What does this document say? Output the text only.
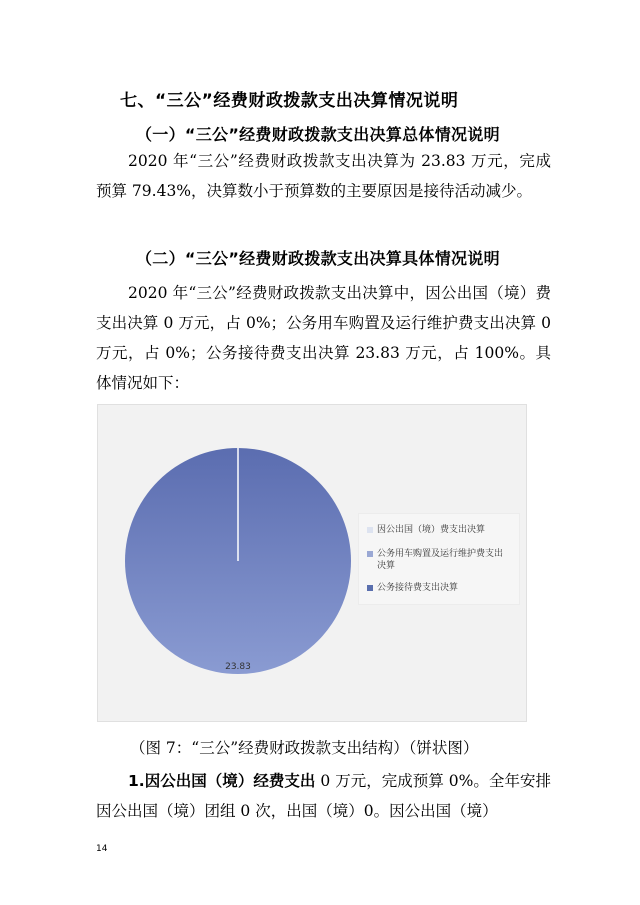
七、“三公”经费财政拨款支出决算情况说明
（一）“三公”经费财政拨款支出决算总体情况说明
2020 年“三公”经费财政拨款支出决算为 23.83 万元，完成预算 79.43%，决算数小于预算数的主要原因是接待活动减少。
（二）“三公”经费财政拨款支出决算具体情况说明
2020 年“三公”经费财政拨款支出决算中，因公出国（境）费支出决算 0 万元，占 0%；公务用车购置及运行维护费支出决算 0 万元，占 0%；公务接待费支出决算 23.83 万元，占 100%。具体情况如下：
23.83
因公出国（境）费支出决算
公务用车购置及运行维护费支出决算
公务接待费支出决算
（图 7：“三公”经费财政拨款支出结构）（饼状图）
1.因公出国（境）经费支出 0 万元，完成预算 0%。全年安排因公出国（境）团组 0 次，出国（境）0。因公出国（境）
14
